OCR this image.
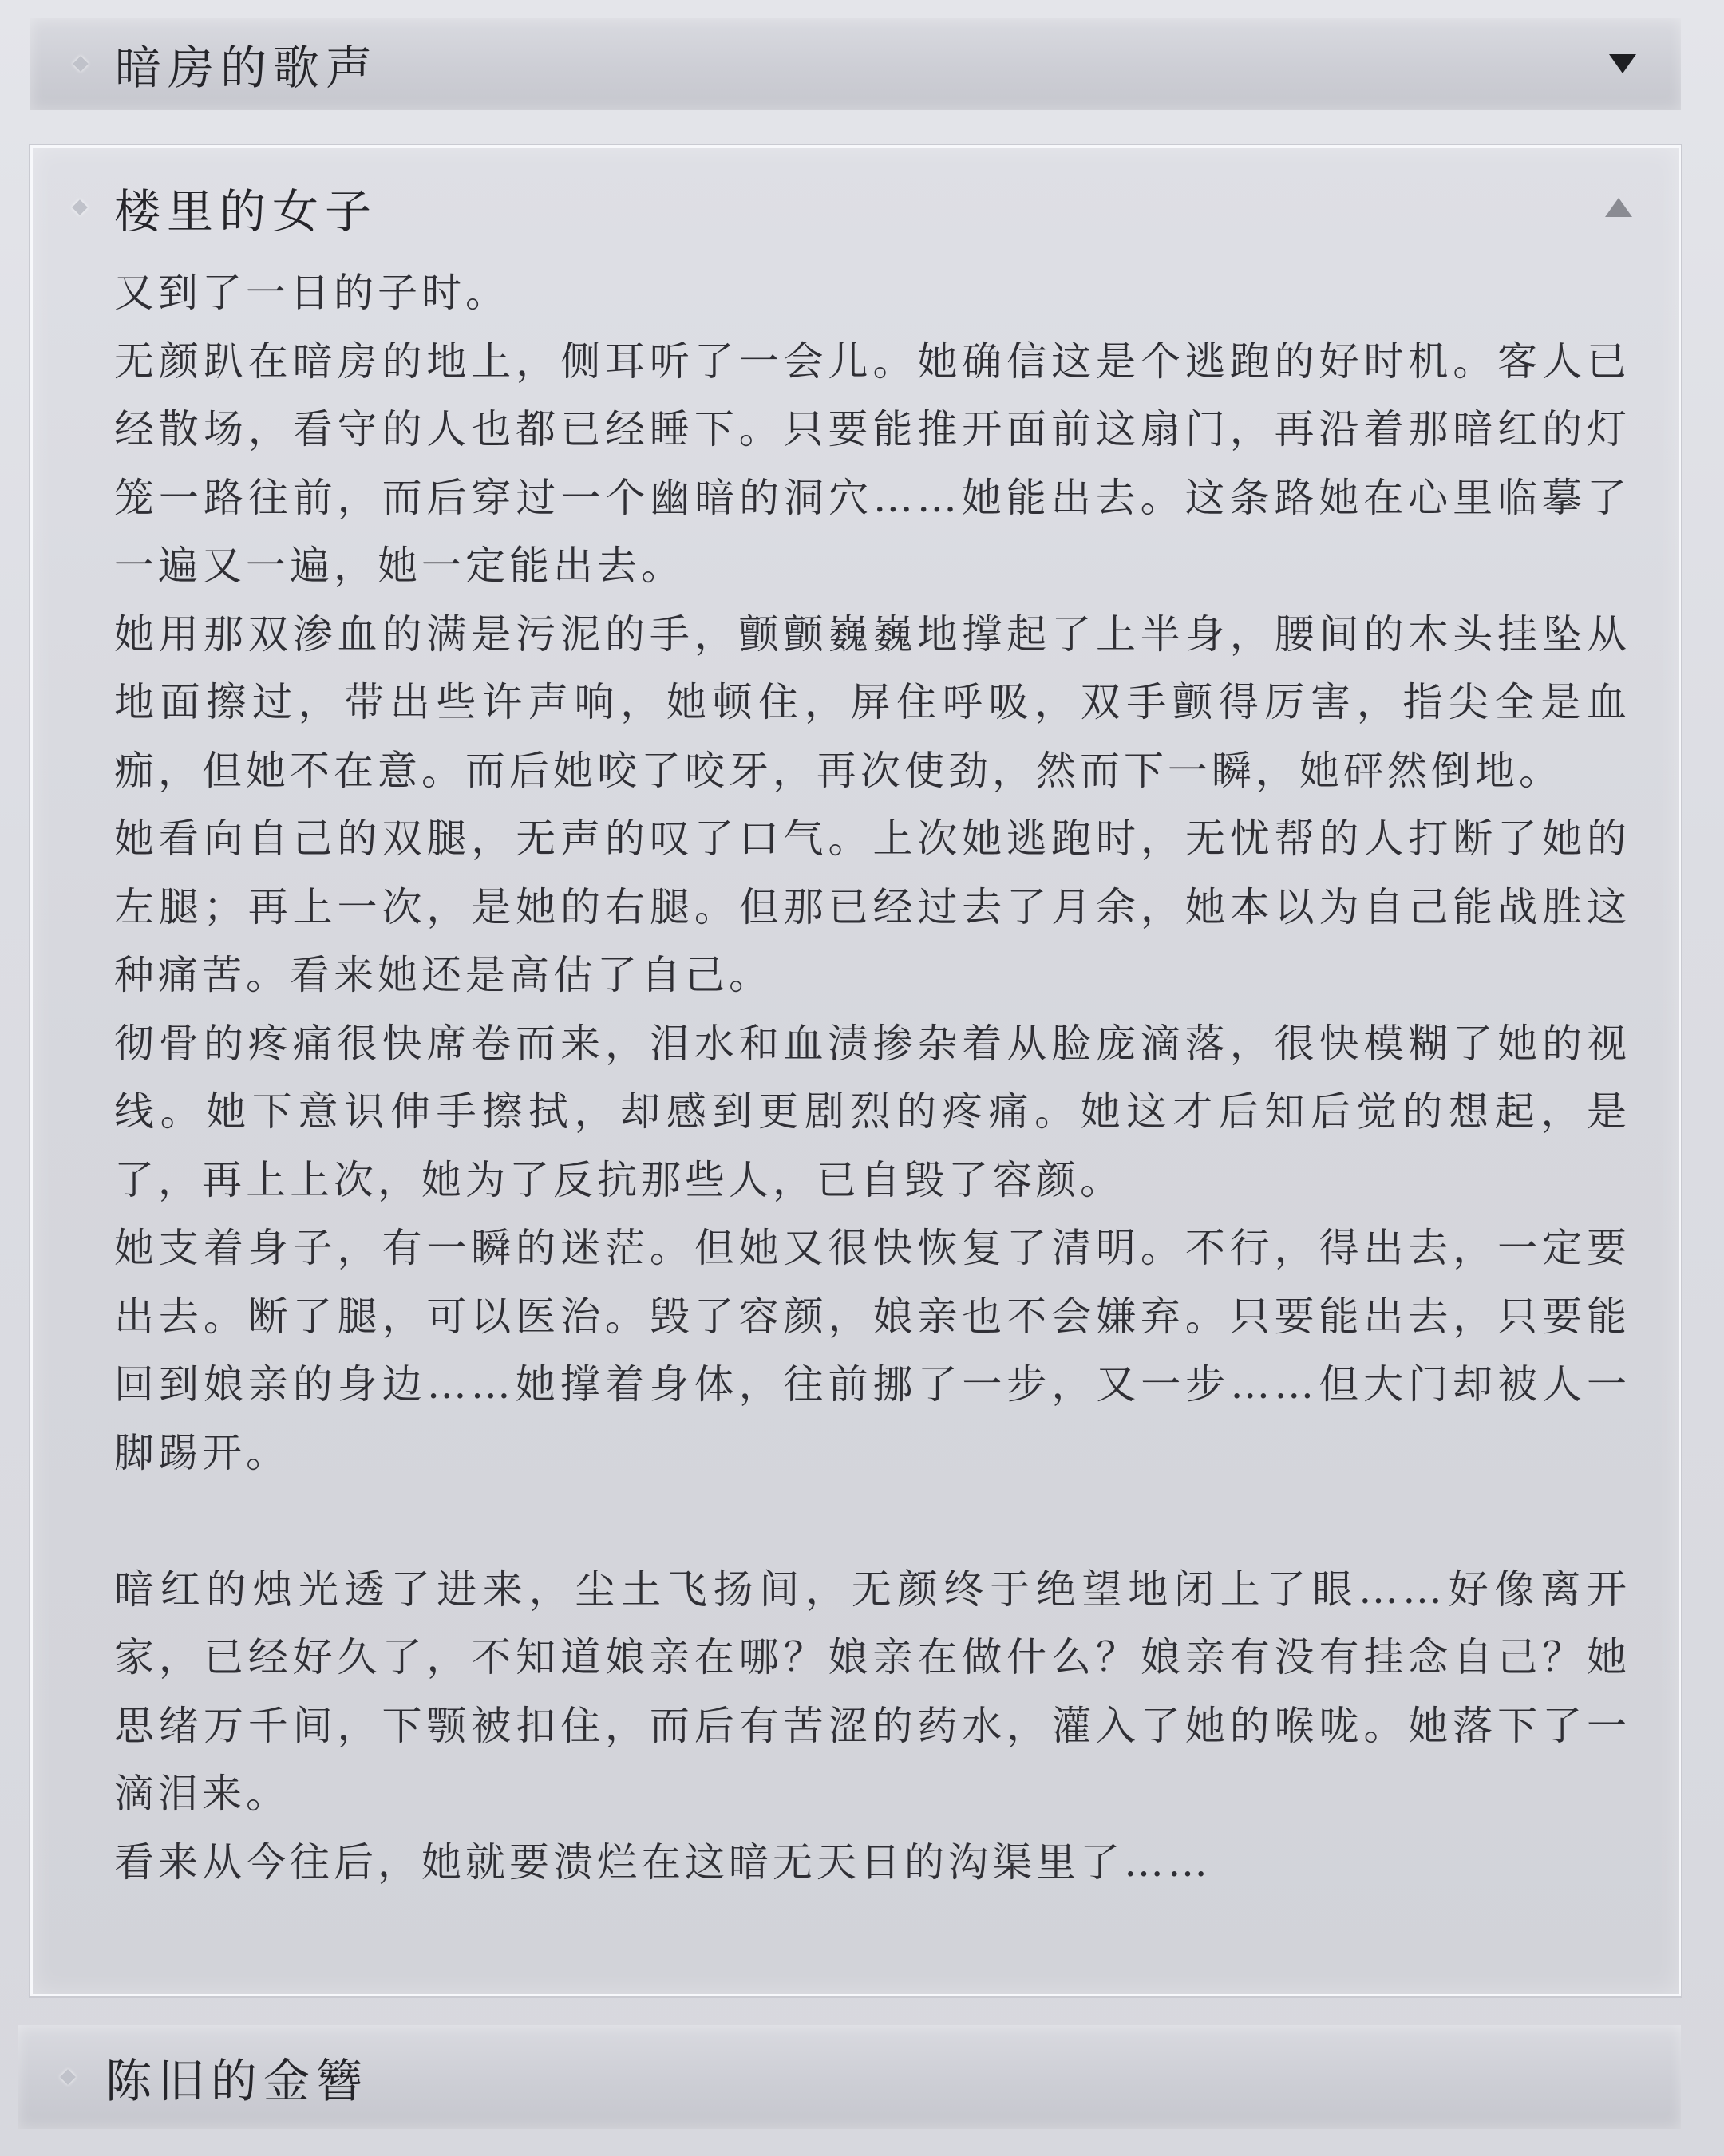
暗房的歌声
楼里的女子

又到了一日的子时。

无颜趴在暗房的地上，侧耳听了一会儿。她确信这是个逃跑的好时机。客人已经散场，看守的人也都已经睡下。只要能推开面前这扇门，再沿着那暗红的灯笼一路往前，而后穿过一个幽暗的洞穴……她能出去。这条路她在心里临摹了一遍又一遍，她一定能出去。

她用那双渗血的满是污泥的手，颤颤巍巍地撑起了上半身，腰间的木头挂坠从地面擦过，带出些许声响，她顿住，屏住呼吸，双手颤得厉害，指尖全是血痂，但她不在意。而后她咬了咬牙，再次使劲，然而下一瞬，她砰然倒地。

她看向自己的双腿，无声的叹了口气。上次她逃跑时，无忧帮的人打断了她的左腿；再上一次，是她的右腿。但那已经过去了月余，她本以为自己能战胜这种痛苦。看来她还是高估了自己。

彻骨的疼痛很快席卷而来，泪水和血渍掺杂着从脸庞滴落，很快模糊了她的视线。她下意识伸手擦拭，却感到更剧烈的疼痛。她这才后知后觉的想起，是了，再上上次，她为了反抗那些人，已自毁了容颜。

她支着身子，有一瞬的迷茫。但她又很快恢复了清明。不行，得出去，一定要出去。断了腿，可以医治。毁了容颜，娘亲也不会嫌弃。只要能出去，只要能回到娘亲的身边……她撑着身体，往前挪了一步，又一步……但大门却被人一脚踢开。

暗红的烛光透了进来，尘土飞扬间，无颜终于绝望地闭上了眼……好像离开家，已经好久了，不知道娘亲在哪？娘亲在做什么？娘亲有没有挂念自己？她思绪万千间，下颚被扣住，而后有苦涩的药水，灌入了她的喉咙。她落下了一滴泪来。

看来从今往后，她就要溃烂在这暗无天日的沟渠里了……

陈旧的金簪
